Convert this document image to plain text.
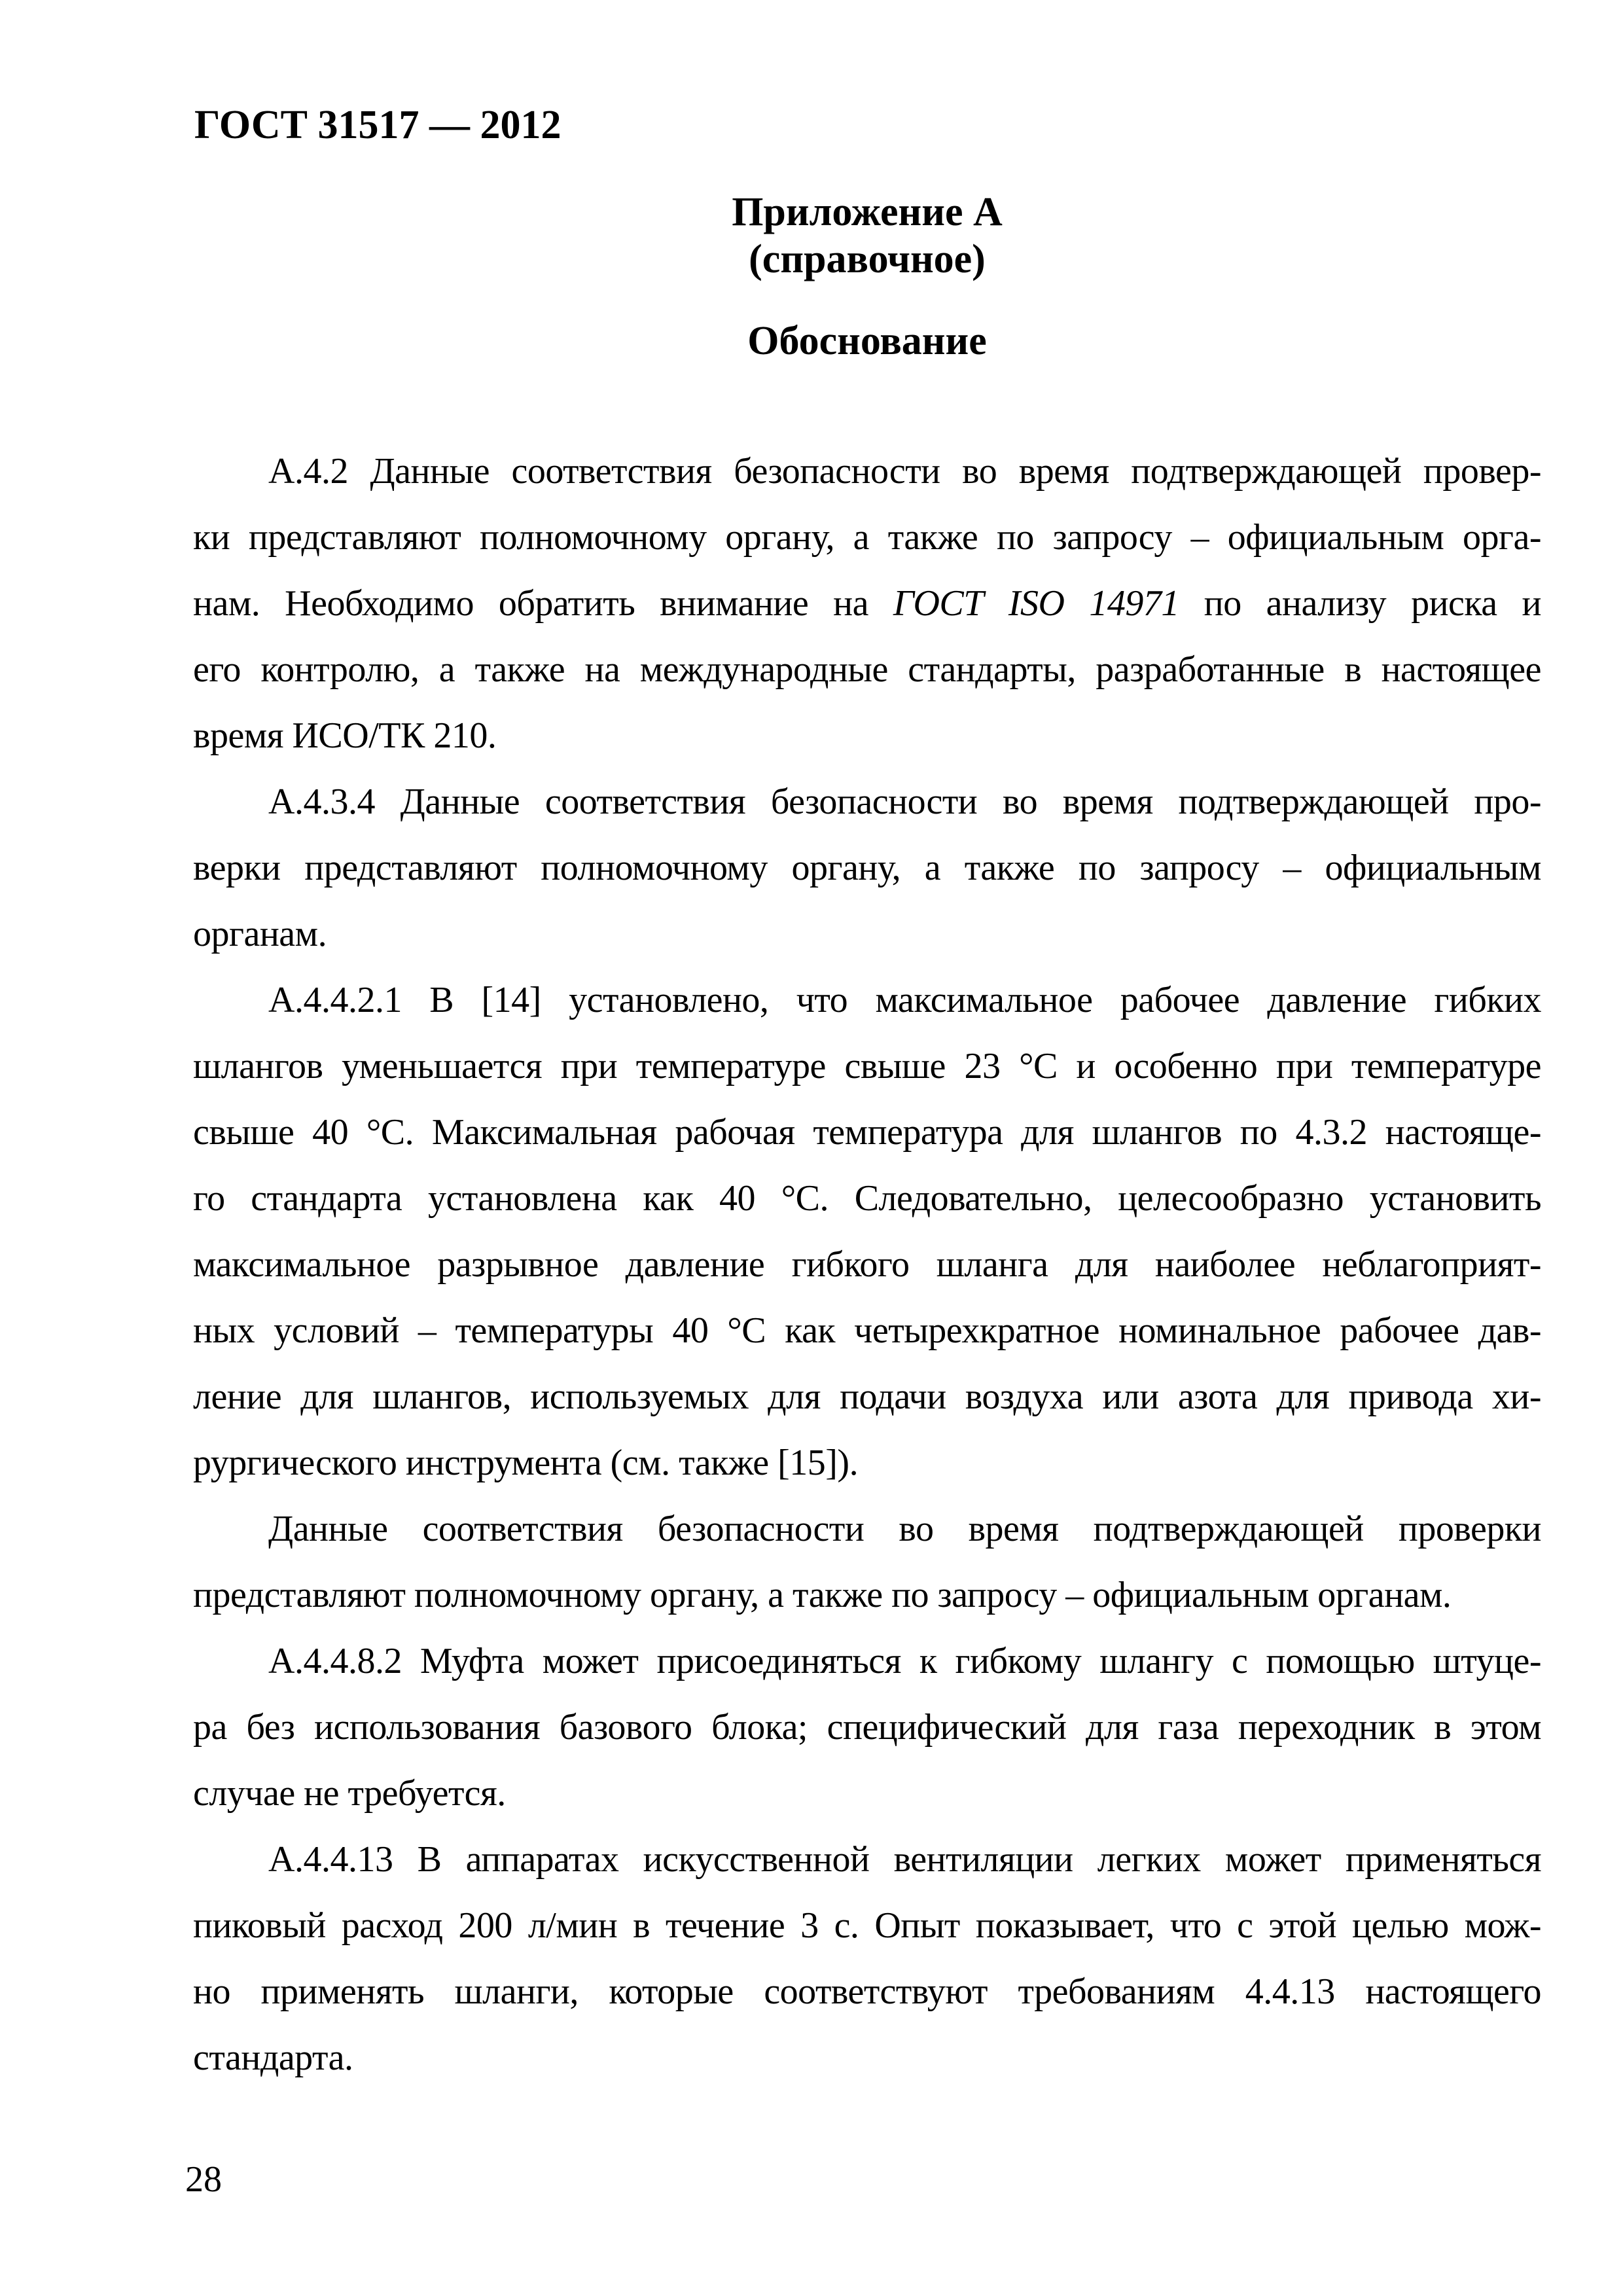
ГОСТ 31517 — 2012
Приложение А
(справочное)
Обоснование
А.4.2 Данные соответствия безопасности во время подтверждающей провер-
ки представляют полномочному органу, а также по запросу – официальным орга-
нам. Необходимо обратить внимание на ГОСТ ISO 14971 по анализу риска и
его контролю, а также на международные стандарты, разработанные в настоящее
время ИСО/ТК 210.
А.4.3.4 Данные соответствия безопасности во время подтверждающей про-
верки представляют полномочному органу, а также по запросу – официальным
органам.
А.4.4.2.1 В [14] установлено, что максимальное рабочее давление гибких
шлангов уменьшается при температуре свыше 23 °С и особенно при температуре
свыше 40 °С. Максимальная рабочая температура для шлангов по 4.3.2 настояще-
го стандарта установлена как 40 °С. Следовательно, целесообразно установить
максимальное разрывное давление гибкого шланга для наиболее неблагоприят-
ных условий – температуры 40 °С как четырехкратное номинальное рабочее дав-
ление для шлангов, используемых для подачи воздуха или азота для привода хи-
рургического инструмента (см. также [15]).
Данные соответствия безопасности во время подтверждающей проверки
представляют полномочному органу, а также по запросу – официальным органам.
А.4.4.8.2 Муфта может присоединяться к гибкому шлангу с помощью штуце-
ра без использования базового блока; специфический для газа переходник в этом
случае не требуется.
А.4.4.13 В аппаратах искусственной вентиляции легких может применяться
пиковый расход 200 л/мин в течение 3 с. Опыт показывает, что с этой целью мож-
но применять шланги, которые соответствуют требованиям 4.4.13 настоящего
стандарта.
28
